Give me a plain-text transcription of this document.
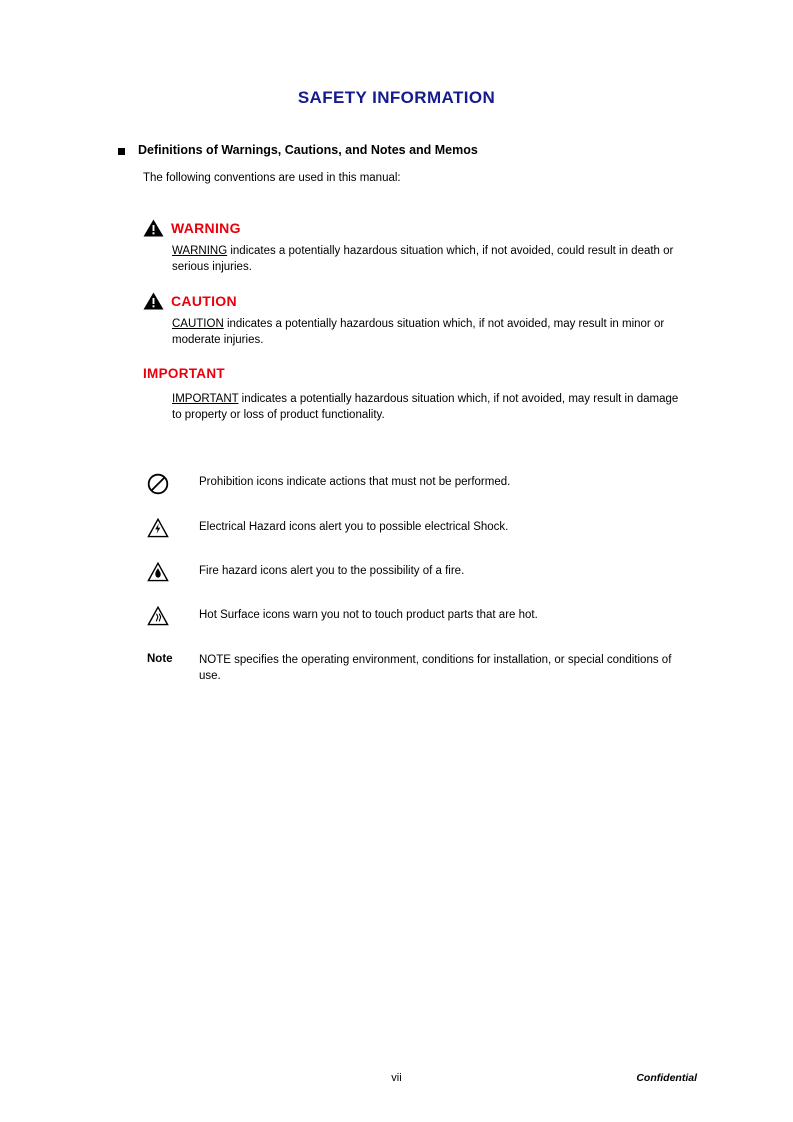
SAFETY INFORMATION
Definitions of Warnings, Cautions, and Notes and Memos
The following conventions are used in this manual:
WARNING
WARNING indicates a potentially hazardous situation which, if not avoided, could result in death or serious injuries.
CAUTION
CAUTION indicates a potentially hazardous situation which, if not avoided, may result in minor or moderate injuries.
IMPORTANT
IMPORTANT indicates a potentially hazardous situation which, if not avoided, may result in damage to property or loss of product functionality.
Prohibition icons indicate actions that must not be performed.
Electrical Hazard icons alert you to possible electrical Shock.
Fire hazard icons alert you to the possibility of a fire.
Hot Surface icons warn you not to touch product parts that are hot.
Note NOTE specifies the operating environment, conditions for installation, or special conditions of use.
vii	Confidential
